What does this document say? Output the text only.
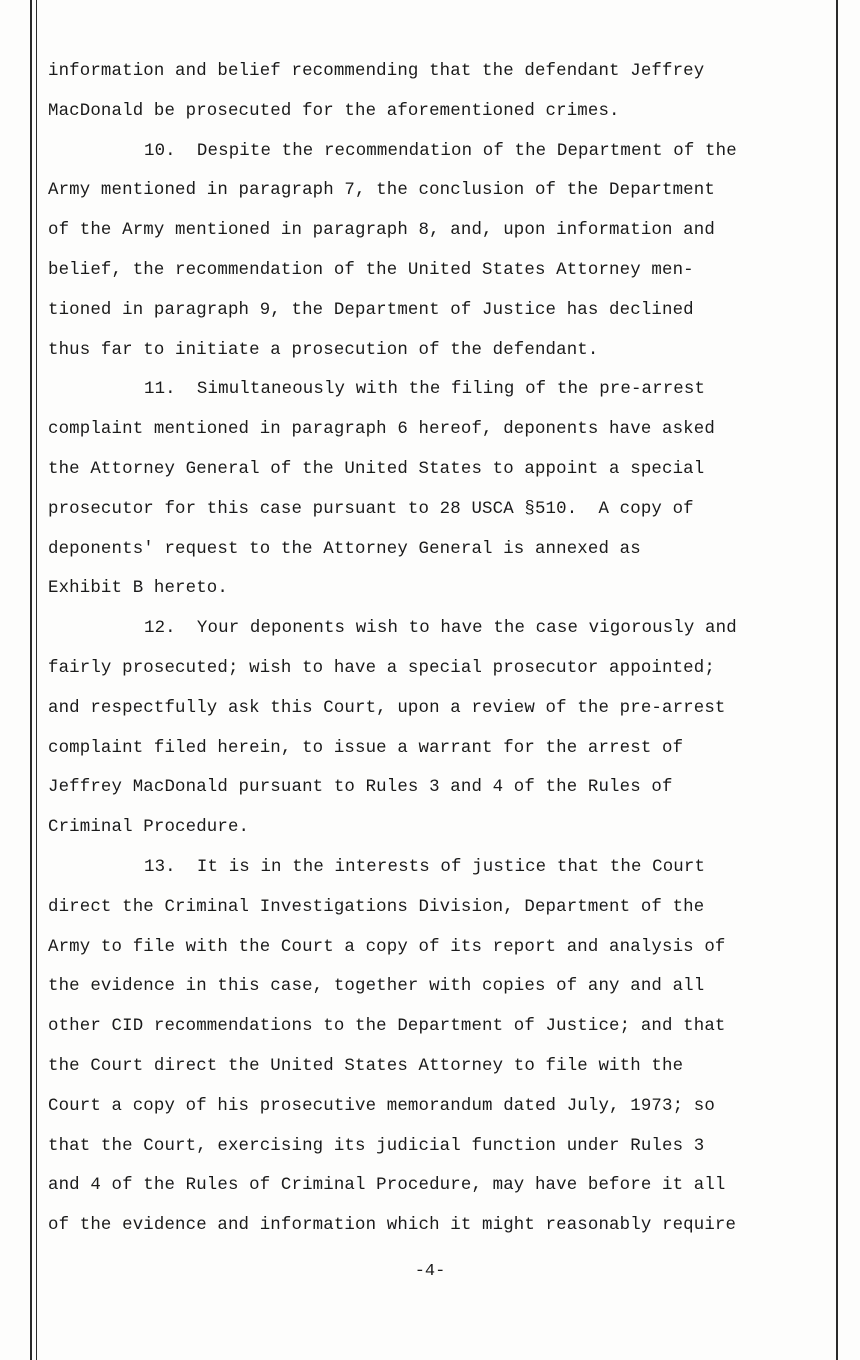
information and belief recommending that the defendant Jeffrey
MacDonald be prosecuted for the aforementioned crimes.
10.  Despite the recommendation of the Department of the
Army mentioned in paragraph 7, the conclusion of the Department
of the Army mentioned in paragraph 8, and, upon information and
belief, the recommendation of the United States Attorney men-
tioned in paragraph 9, the Department of Justice has declined
thus far to initiate a prosecution of the defendant.
11.  Simultaneously with the filing of the pre-arrest
complaint mentioned in paragraph 6 hereof, deponents have asked
the Attorney General of the United States to appoint a special
prosecutor for this case pursuant to 28 USCA §510.  A copy of
deponents' request to the Attorney General is annexed as
Exhibit B hereto.
12.  Your deponents wish to have the case vigorously and
fairly prosecuted; wish to have a special prosecutor appointed;
and respectfully ask this Court, upon a review of the pre-arrest
complaint filed herein, to issue a warrant for the arrest of
Jeffrey MacDonald pursuant to Rules 3 and 4 of the Rules of
Criminal Procedure.
13.  It is in the interests of justice that the Court
direct the Criminal Investigations Division, Department of the
Army to file with the Court a copy of its report and analysis of
the evidence in this case, together with copies of any and all
other CID recommendations to the Department of Justice; and that
the Court direct the United States Attorney to file with the
Court a copy of his prosecutive memorandum dated July, 1973; so
that the Court, exercising its judicial function under Rules 3
and 4 of the Rules of Criminal Procedure, may have before it all
of the evidence and information which it might reasonably require
-4-
